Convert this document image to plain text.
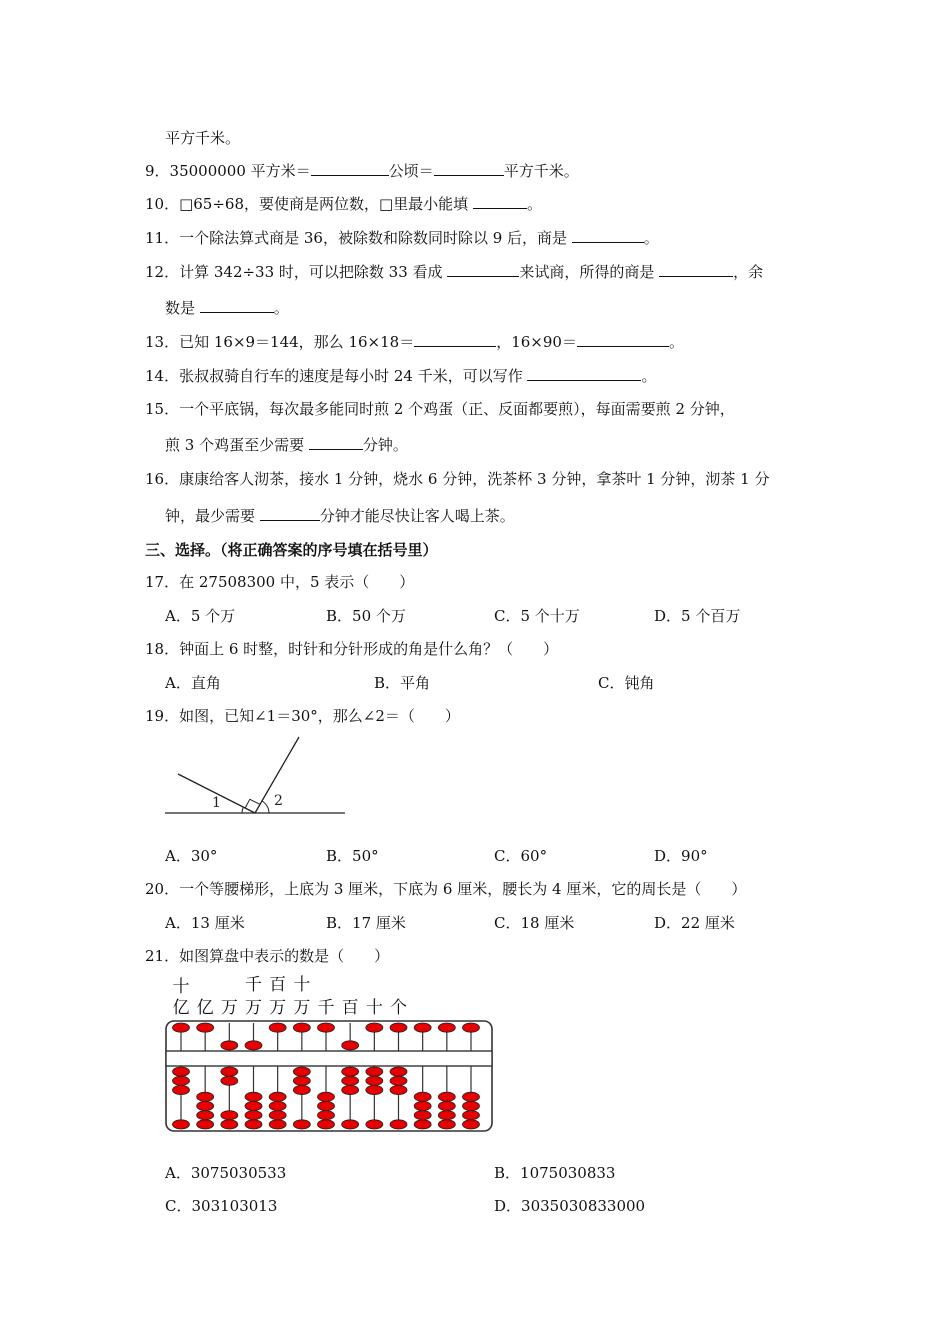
平方千米。
9．35000000 平方米＝	公顷＝	平方千米。
10．□65÷68，要使商是两位数，□里最小能填	。
11．一个除法算式商是 36，被除数和除数同时除以 9 后，商是	。
12．计算 342÷33 时，可以把除数 33 看成	来试商，所得的商是	，余
数是	。
13．已知 16×9＝144，那么 16×18＝	，16×90＝	。
14．张叔叔骑自行车的速度是每小时 24 千米，可以写作	。
15．一个平底锅，每次最多能同时煎 2 个鸡蛋（正、反面都要煎），每面需要煎 2 分钟，
煎 3 个鸡蛋至少需要	分钟。
16．康康给客人沏茶，接水 1 分钟，烧水 6 分钟，洗茶杯 3 分钟，拿茶叶 1 分钟，沏茶 1 分
钟，最少需要	分钟才能尽快让客人喝上茶。
三、选择。（将正确答案的序号填在括号里）
17．在 27508300 中，5 表示（　　）
A．5 个万	B．50 个万	C．5 个十万	D．5 个百万
18．钟面上 6 时整，时针和分针形成的角是什么角？（　　）
A．直角	B．平角	C．钝角
19．如图，已知∠1＝30°，那么∠2＝（　　）
1	2
A．30°	B．50°	C．60°	D．90°
20．一个等腰梯形，上底为 3 厘米，下底为 6 厘米，腰长为 4 厘米，它的周长是（　　）
A．13 厘米	B．17 厘米	C．18 厘米	D．22 厘米
21．如图算盘中表示的数是（　　）
千 百 十
十
亿 亿 万 万 万 万 千 百 十 个
A．3075030533	B．1075030833
C．303103013	D．3035030833000
